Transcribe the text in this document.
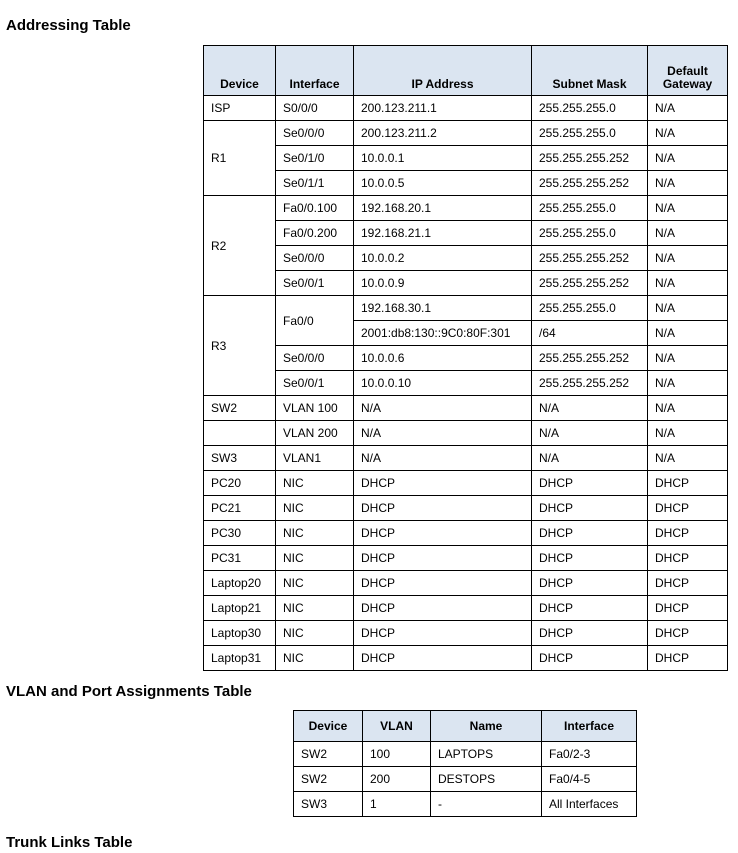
Addressing Table
Device	Interface	IP Address	Subnet Mask	Default Gateway
ISP	S0/0/0	200.123.211.1	255.255.255.0	N/A
R1	Se0/0/0	200.123.211.2	255.255.255.0	N/A
	Se0/1/0	10.0.0.1	255.255.255.252	N/A
	Se0/1/1	10.0.0.5	255.255.255.252	N/A
R2	Fa0/0.100	192.168.20.1	255.255.255.0	N/A
	Fa0/0.200	192.168.21.1	255.255.255.0	N/A
	Se0/0/0	10.0.0.2	255.255.255.252	N/A
	Se0/0/1	10.0.0.9	255.255.255.252	N/A
R3	Fa0/0	192.168.30.1	255.255.255.0	N/A
		2001:db8:130::9C0:80F:301	/64	N/A
	Se0/0/0	10.0.0.6	255.255.255.252	N/A
	Se0/0/1	10.0.0.10	255.255.255.252	N/A
SW2	VLAN 100	N/A	N/A	N/A
	VLAN 200	N/A	N/A	N/A
SW3	VLAN1	N/A	N/A	N/A
PC20	NIC	DHCP	DHCP	DHCP
PC21	NIC	DHCP	DHCP	DHCP
PC30	NIC	DHCP	DHCP	DHCP
PC31	NIC	DHCP	DHCP	DHCP
Laptop20	NIC	DHCP	DHCP	DHCP
Laptop21	NIC	DHCP	DHCP	DHCP
Laptop30	NIC	DHCP	DHCP	DHCP
Laptop31	NIC	DHCP	DHCP	DHCP
VLAN and Port Assignments Table
Device	VLAN	Name	Interface
SW2	100	LAPTOPS	Fa0/2-3
SW2	200	DESTOPS	Fa0/4-5
SW3	1	-	All Interfaces
Trunk Links Table
